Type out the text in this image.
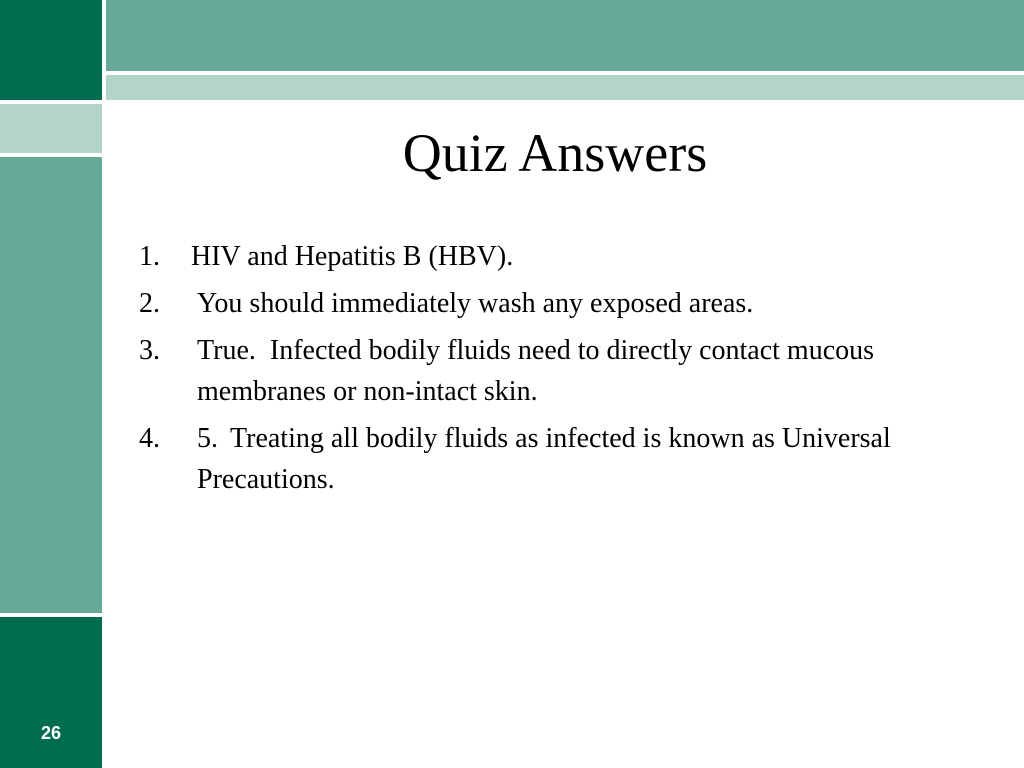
26
Quiz Answers
1. HIV and Hepatitis B (HBV).
2. You should immediately wash any exposed areas.
3. True.  Infected bodily fluids need to directly contact mucous membranes or non-intact skin.
4. 5. Treating all bodily fluids as infected is known as Universal Precautions.
